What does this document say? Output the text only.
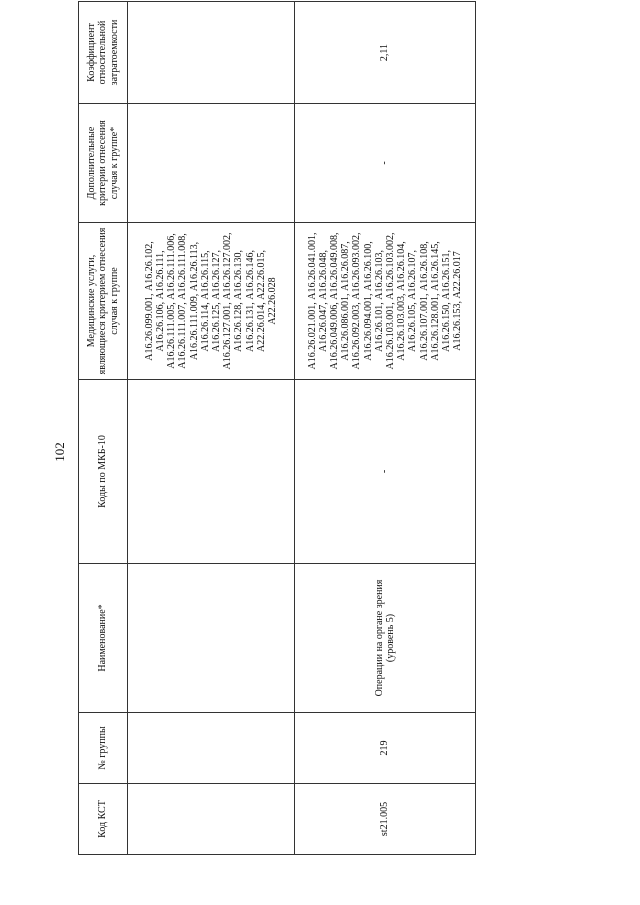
102
Код КСТ	№ группы	Наименование*	Коды по МКБ-10	Медицинские услуги, являющиеся критерием отнесения случая к группе	Дополнительные критерии отнесения случая к группе*	Коэффициент относительной затратоемкости
				А16.26.099.001, А16.26.102, А16.26.106, А16.26.111, А16.26.111.005, А16.26.111.006, А16.26.111.007, А16.26.111.008, А16.26.111.009, А16.26.113, А16.26.114, А16.26.115, А16.26.125, А16.26.127, А16.26.127.001, А16.26.127.002, А16.26.128, А16.26.130, А16.26.131, А16.26.146, А22.26.014, А22.26.015, А22.26.028		
st21.005	219	Операции на органе зрения (уровень 5)	-	А16.26.021.001, А16.26.041.001, А16.26.047, А16.26.048, А16.26.049.006, А16.26.049.008, А16.26.086.001, А16.26.087, А16.26.092.003, А16.26.093.002, А16.26.094.001, А16.26.100, А16.26.101, А16.26.103, А16.26.103.001, А16.26.103.002, А16.26.103.003, А16.26.104, А16.26.105, А16.26.107, А16.26.107.001, А16.26.108, А16.26.128.001, А16.26.145, А16.26.150, А16.26.151, А16.26.153, А22.26.017	-	2,11
